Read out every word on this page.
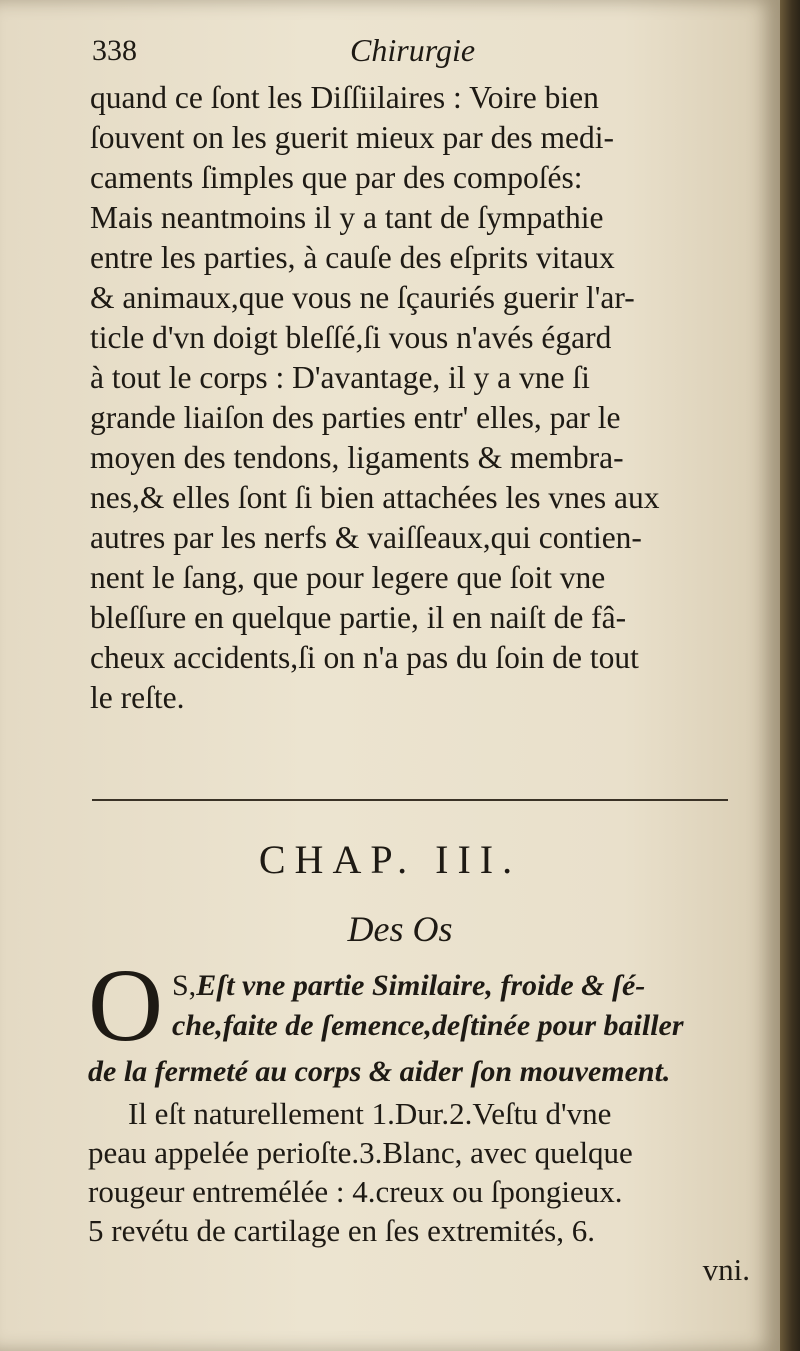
338	Chirurgie
quand ce ſont les Diſſiilaires : Voire bien
ſouvent on les guerit mieux par des medi-
caments ſimples que par des compoſés:
Mais neantmoins il y a tant de ſympathie
entre les parties, à cauſe des eſprits vitaux
& animaux,que vous ne ſçauriés guerir l'ar-
ticle d'vn doigt bleſſé,ſi vous n'avés égard
à tout le corps : D'avantage, il y a vne ſi
grande liaiſon des parties entr' elles, par le
moyen des tendons, ligaments & membra-
nes,& elles ſont ſi bien attachées les vnes aux
autres par les nerfs & vaiſſeaux,qui contien-
nent le ſang, que pour legere que ſoit vne
bleſſure en quelque partie, il en naiſt de fâ-
cheux accidents,ſi on n'a pas du ſoin de tout
le reſte.
CHAP. III.
Des Os
O S,Eſt vne partie Similaire, froide & ſé-
che,faite de ſemence,deſtinée pour bailler
de la fermeté au corps & aider ſon mouvement.
Il eſt naturellement 1.Dur.2.Veſtu d'vne
peau appelée perioſte.3.Blanc, avec quelque
rougeur entremélée : 4.creux ou ſpongieux.
5 revétu de cartilage en ſes extremités, 6.
vni.
